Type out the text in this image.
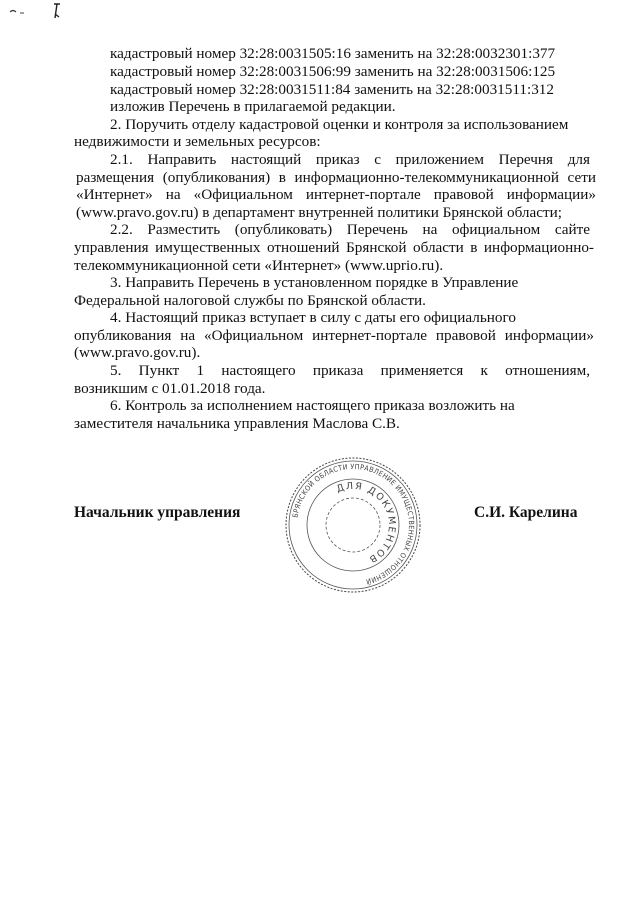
кадастровый номер 32:28:0031505:16 заменить на 32:28:0032301:377
кадастровый номер 32:28:0031506:99 заменить на 32:28:0031506:125
кадастровый номер 32:28:0031511:84 заменить на 32:28:0031511:312
изложив Перечень в прилагаемой редакции.
2. Поручить отделу кадастровой оценки и контроля за использованием
недвижимости и земельных ресурсов:
2.1. Направить настоящий приказ с приложением Перечня для
размещения (опубликования) в информационно-телекоммуникационной сети
«Интернет» на «Официальном интернет-портале правовой информации»
(www.pravo.gov.ru) в департамент внутренней политики Брянской области;
2.2. Разместить (опубликовать) Перечень на официальном сайте
управления имущественных отношений Брянской области в информационно-
телекоммуникационной сети «Интернет» (www.uprio.ru).
3. Направить Перечень в установленном порядке в Управление
Федеральной налоговой службы по Брянской области.
4. Настоящий приказ вступает в силу с даты его официального
опубликования на «Официальном интернет-портале правовой информации»
(www.pravo.gov.ru).
5. Пункт 1 настоящего приказа применяется к отношениям,
возникшим с 01.01.2018 года.
6. Контроль за исполнением настоящего приказа возложить на
заместителя начальника управления Маслова С.В.
Начальник управления	С.И. Карелина
БРЯНСКОЙ ОБЛАСТИ УПРАВЛЕНИЕ ИМУЩЕСТВЕННЫХ ОТНОШЕНИЙ
ДЛЯ ДОКУМЕНТОВ
